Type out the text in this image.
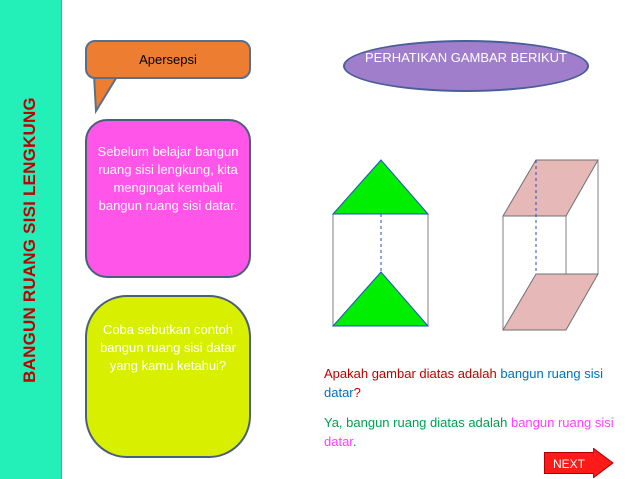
BANGUN RUANG SISI LENGKUNG
Apersepsi
Sebelum belajar bangun ruang sisi lengkung, kita mengingat kembali bangun ruang sisi datar.
Coba sebutkan contoh bangun ruang sisi datar yang kamu ketahui?
PERHATIKAN GAMBAR BERIKUT
Apakah gambar diatas adalah bangun ruang sisi datar?
Ya, bangun ruang diatas adalah bangun ruang sisi datar.
NEXT
